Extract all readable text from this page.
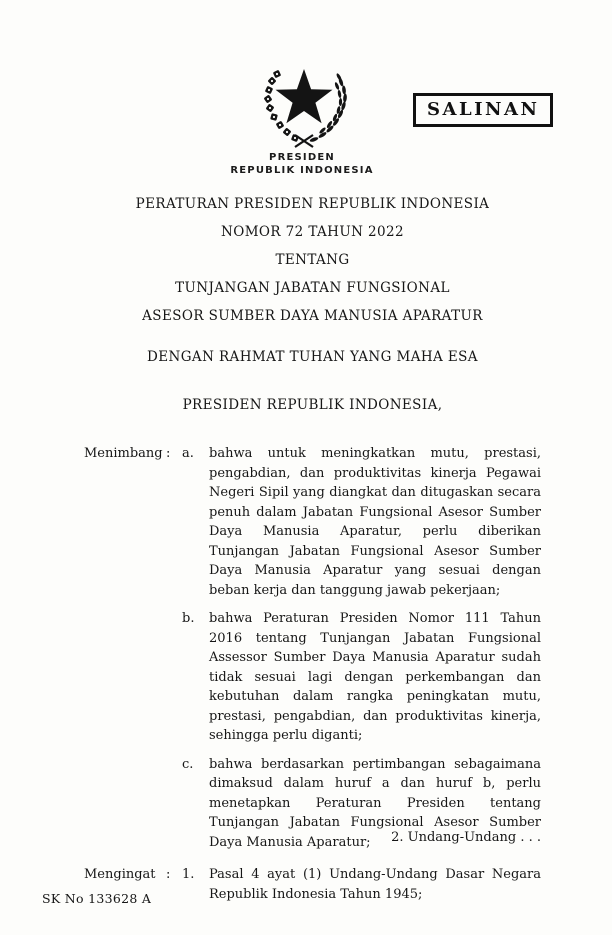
PRESIDEN
REPUBLIK INDONESIA
SALINAN
PERATURAN PRESIDEN REPUBLIK INDONESIA
NOMOR 72 TAHUN 2022
TENTANG
TUNJANGAN JABATAN FUNGSIONAL
ASESOR SUMBER DAYA MANUSIA APARATUR
DENGAN RAHMAT TUHAN YANG MAHA ESA
PRESIDEN REPUBLIK INDONESIA,
Menimbang : a.	bahwa untuk meningkatkan mutu, prestasi, pengabdian, dan produktivitas kinerja Pegawai Negeri Sipil yang diangkat dan ditugaskan secara penuh dalam Jabatan Fungsional Asesor Sumber Daya Manusia Aparatur, perlu diberikan Tunjangan Jabatan Fungsional Asesor Sumber Daya Manusia Aparatur yang sesuai dengan beban kerja dan tanggung jawab pekerjaan;
b.	bahwa Peraturan Presiden Nomor 111 Tahun 2016 tentang Tunjangan Jabatan Fungsional Assessor Sumber Daya Manusia Aparatur sudah tidak sesuai lagi dengan perkembangan dan kebutuhan dalam rangka peningkatan mutu, prestasi, pengabdian, dan produktivitas kinerja, sehingga perlu diganti;
c.	bahwa berdasarkan pertimbangan sebagaimana dimaksud dalam huruf a dan huruf b, perlu menetapkan Peraturan Presiden tentang Tunjangan Jabatan Fungsional Asesor Sumber Daya Manusia Aparatur;
Mengingat : 1.	Pasal 4 ayat (1) Undang-Undang Dasar Negara Republik Indonesia Tahun 1945;
2. Undang-Undang . . .
SK No 133628 A
